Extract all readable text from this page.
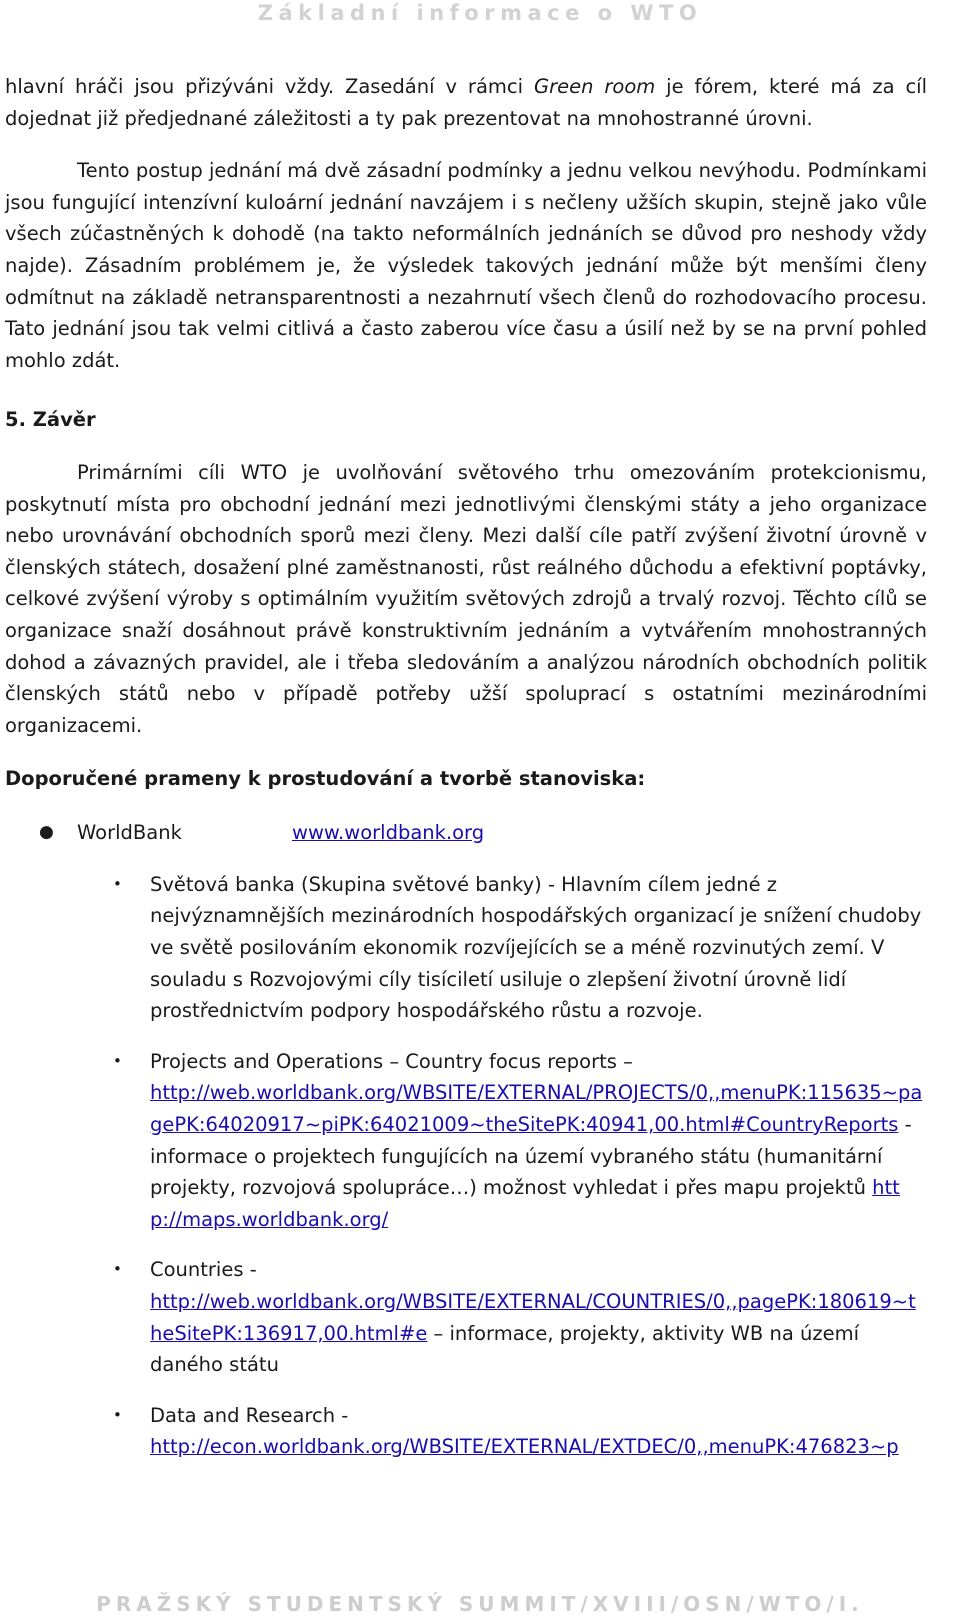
Základní informace o WTO

hlavní hráči jsou přizýváni vždy. Zasedání v rámci Green room je fórem, které má za cíl dojednat již předjednané záležitosti a ty pak prezentovat na mnohostranné úrovni.

Tento postup jednání má dvě zásadní podmínky a jednu velkou nevýhodu. Podmínkami jsou fungující intenzívní kuloární jednání navzájem i s nečleny užších skupin, stejně jako vůle všech zúčastněných k dohodě (na takto neformálních jednáních se důvod pro neshody vždy najde). Zásadním problémem je, že výsledek takových jednání může být menšími členy odmítnut na základě netransparentnosti a nezahrnutí všech členů do rozhodovacího procesu. Tato jednání jsou tak velmi citlivá a často zaberou více času a úsilí než by se na první pohled mohlo zdát.

5. Závěr

Primárními cíli WTO je uvolňování světového trhu omezováním protekcionismu, poskytnutí místa pro obchodní jednání mezi jednotlivými členskými státy a jeho organizace nebo urovnávání obchodních sporů mezi členy. Mezi další cíle patří zvýšení životní úrovně v členských státech, dosažení plné zaměstnanosti, růst reálného důchodu a efektivní poptávky, celkové zvýšení výroby s optimálním využitím světových zdrojů a trvalý rozvoj. Těchto cílů se organizace snaží dosáhnout právě konstruktivním jednáním a vytvářením mnohostranných dohod a závazných pravidel, ale i třeba sledováním a analýzou národních obchodních politik členských států nebo v případě potřeby užší spoluprací s ostatními mezinárodními organizacemi.

Doporučené prameny k prostudování a tvorbě stanoviska:

● WorldBank	www.worldbank.org
• Světová banka (Skupina světové banky) - Hlavním cílem jedné z nejvýznamnějších mezinárodních hospodářských organizací je snížení chudoby ve světě posilováním ekonomik rozvíjejících se a méně rozvinutých zemí. V souladu s Rozvojovými cíly tisíciletí usiluje o zlepšení životní úrovně lidí prostřednictvím podpory hospodářského růstu a rozvoje.
• Projects and Operations – Country focus reports –
http://web.worldbank.org/WBSITE/EXTERNAL/PROJECTS/0,,menuPK:115635~pagePK:64020917~piPK:64021009~theSitePK:40941,00.html#CountryReports - informace o projektech fungujících na území vybraného státu (humanitární projekty, rozvojová spolupráce…) možnost vyhledat i přes mapu projektů http://maps.worldbank.org/
• Countries -
http://web.worldbank.org/WBSITE/EXTERNAL/COUNTRIES/0,,pagePK:180619~theSitePK:136917,00.html#e – informace, projekty, aktivity WB na území daného státu
• Data and Research -
http://econ.worldbank.org/WBSITE/EXTERNAL/EXTDEC/0,,menuPK:476823~p
PRAŽSKÝ STUDENTSKÝ SUMMIT/XVIII/OSN/WTO/I.
